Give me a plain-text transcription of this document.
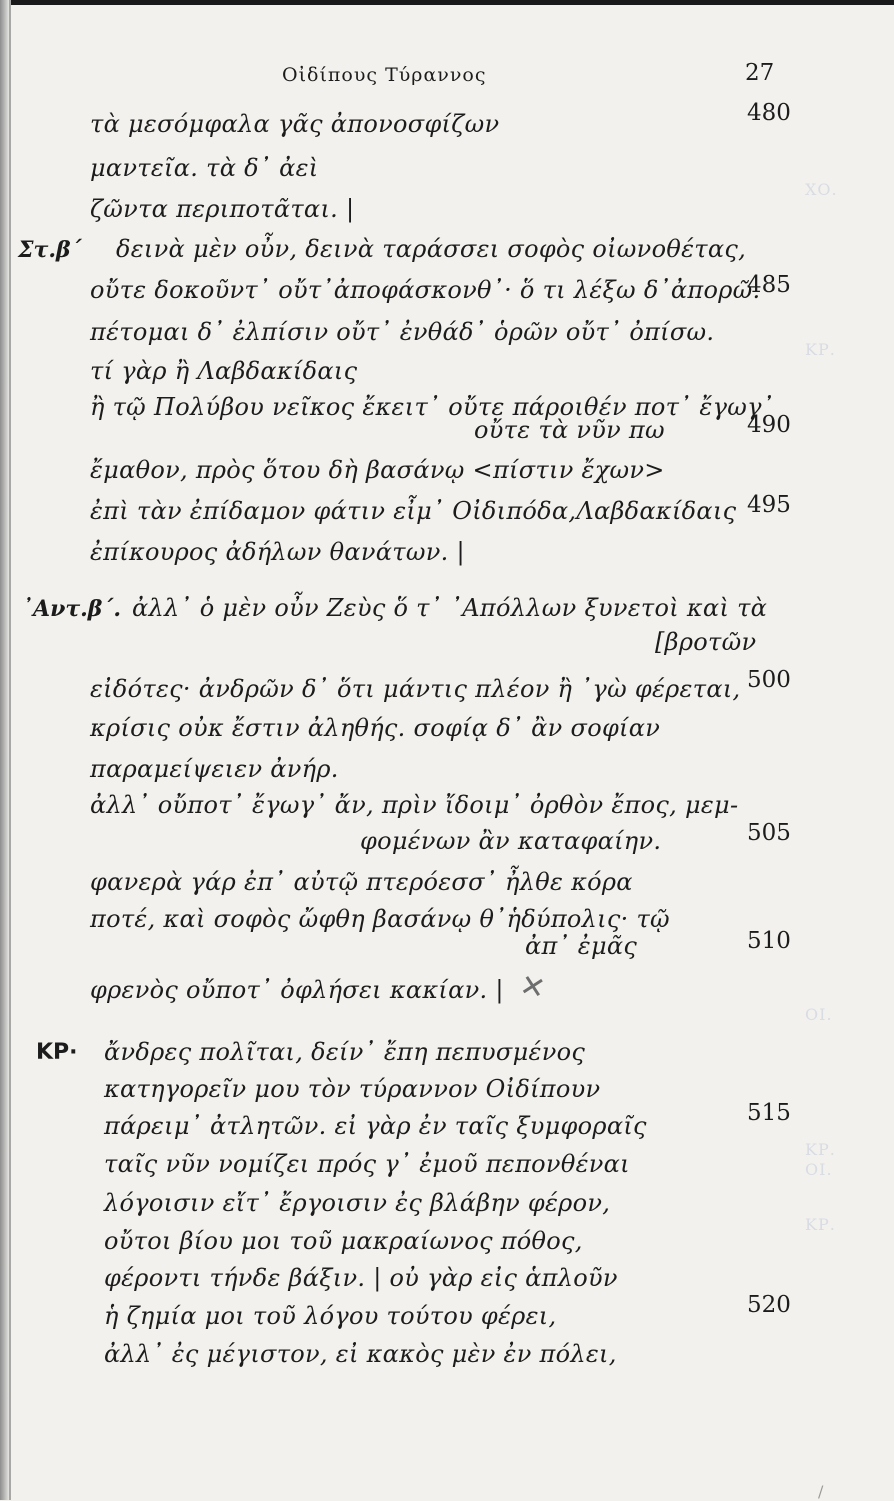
ΧΟ.
ΚΡ.
ΟΙ.
ΚΡ.
ΟΙ.
ΚΡ.
Οἰδίπους Τύραννος	27
τὰ μεσόμφαλα γᾶς ἀπονοσφίζων	480
μαντεῖα. τὰ δ᾿ ἀεὶ
ζῶντα περιποτᾶται. |
Στ.β΄ δεινὰ μὲν οὖν, δεινὰ ταράσσει σοφὸς οἰωνοθέτας,
οὔτε δοκοῦντ᾿ οὔτ᾿ἀποφάσκονθ᾿· ὅ τι λέξω δ᾿ἀπορῶ.
485
πέτομαι δ᾿ ἐλπίσιν οὔτ᾿ ἐνθάδ᾿ ὁρῶν οὔτ᾿ ὀπίσω.
τί γὰρ ἢ Λαβδακίδαις
ἢ τῷ Πολύβου νεῖκος ἔκειτ᾿ οὔτε πάροιθέν ποτ᾿ ἔγωγ᾿
οὔτε τὰ νῦν πω	490
ἔμαθον, πρὸς ὅτου δὴ βασάνῳ <πίστιν ἔχων>
ἐπὶ τὰν ἐπίδαμον φάτιν εἶμ᾿ Οἰδιπόδα,Λαβδακίδαις 495
ἐπίκουρος ἀδήλων θανάτων. |
᾿Αντ.β΄. ἀλλ᾿ ὁ μὲν οὖν Ζεὺς ὅ τ᾿ ᾿Απόλλων ξυνετοὶ καὶ τὰ
[βροτῶν
εἰδότες· ἀνδρῶν δ᾿ ὅτι μάντις πλέον ἢ ᾿γὼ φέρεται, 500
κρίσις οὐκ ἔστιν ἀληθής. σοφίᾳ δ᾿ ἂν σοφίαν
παραμείψειεν ἀνήρ.
ἀλλ᾿ οὔποτ᾿ ἔγωγ᾿ ἄν, πρὶν ἴδοιμ᾿ ὀρθὸν ἔπος, μεμ-
φομένων ἂν καταφαίην.	505
φανερὰ γάρ ἐπ᾿ αὐτῷ πτερόεσσ᾿ ἦλθε κόρα
ποτέ, καὶ σοφὸς ὤφθη βασάνῳ θ᾿ἡδύπολις· τῷ
ἀπ᾿ ἐμᾶς	510
φρενὸς οὔποτ᾿ ὀφλήσει κακίαν. | ✕
ΚΡ· ἄνδρες πολῖται, δείν᾿ ἔπη πεπυσμένος
κατηγορεῖν μου τὸν τύραννον Οἰδίπουν
πάρειμ᾿ ἀτλητῶν. εἰ γὰρ ἐν ταῖς ξυμφοραῖς	515
ταῖς νῦν νομίζει πρός γ᾿ ἐμοῦ πεπονθέναι
λόγοισιν εἴτ᾿ ἔργοισιν ἐς βλάβην φέρον,
οὔτοι βίου μοι τοῦ μακραίωνος πόθος,
φέροντι τήνδε βάξιν. | οὐ γὰρ εἰς ἁπλοῦν
ἡ ζημία μοι τοῦ λόγου τούτου φέρει,	520
ἀλλ᾿ ἐς μέγιστον, εἰ κακὸς μὲν ἐν πόλει,
/
